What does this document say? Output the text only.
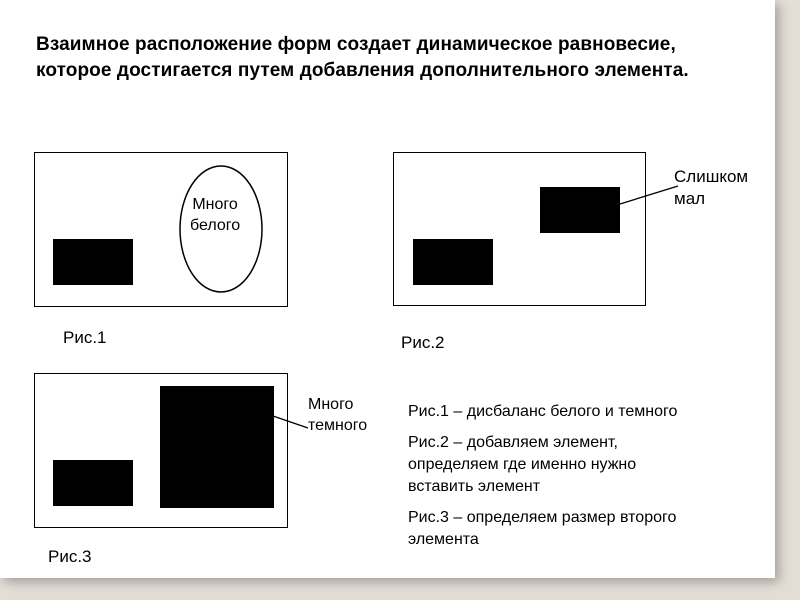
Взаимное расположение форм создает динамическое равновесие,
которое достигается путем добавления дополнительного элемента.
Много
белого
Рис.1
Слишком
мал
Рис.2
Много
темного
Рис.3

Рис.1 – дисбаланс белого и темного

Рис.2 – добавляем элемент,
определяем где именно нужно
вставить элемент

Рис.3 – определяем размер второго
элемента
